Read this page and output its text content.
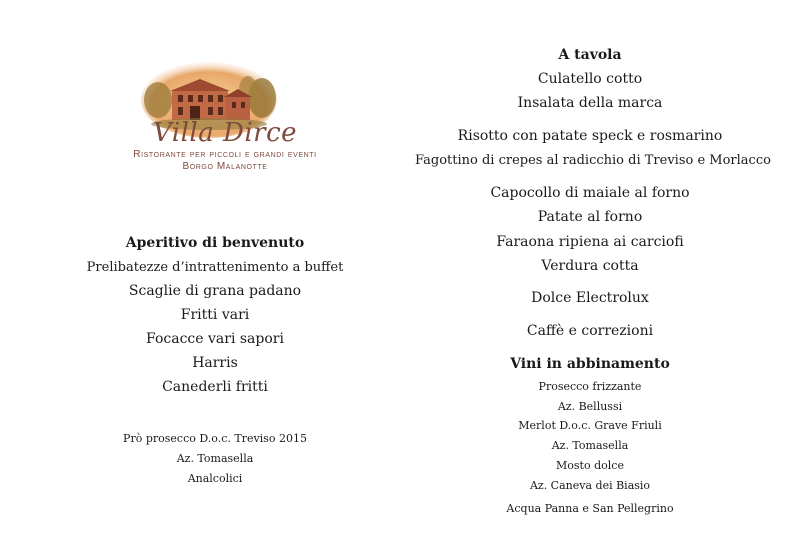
Villa Dirce
Ristorante per piccoli e grandi eventi
Borgo Malanotte
Aperitivo di benvenuto
Prelibatezze d’intrattenimento a buffet
Scaglie di grana padano
Fritti vari
Focacce vari sapori
Harris
Canederli fritti
Prò prosecco D.o.c. Treviso 2015
Az. Tomasella
Analcolici
A tavola
Culatello cotto
Insalata della marca
Risotto con patate speck e rosmarino
Fagottino di crepes al radicchio di Treviso e Morlacco
Capocollo di maiale al forno
Patate al forno
Faraona ripiena ai carciofi
Verdura cotta
Dolce Electrolux
Caffè e correzioni
Vini in abbinamento
Prosecco frizzante
Az. Bellussi
Merlot D.o.c. Grave Friuli
Az. Tomasella
Mosto dolce
Az. Caneva dei Biasio
Acqua Panna e San Pellegrino
